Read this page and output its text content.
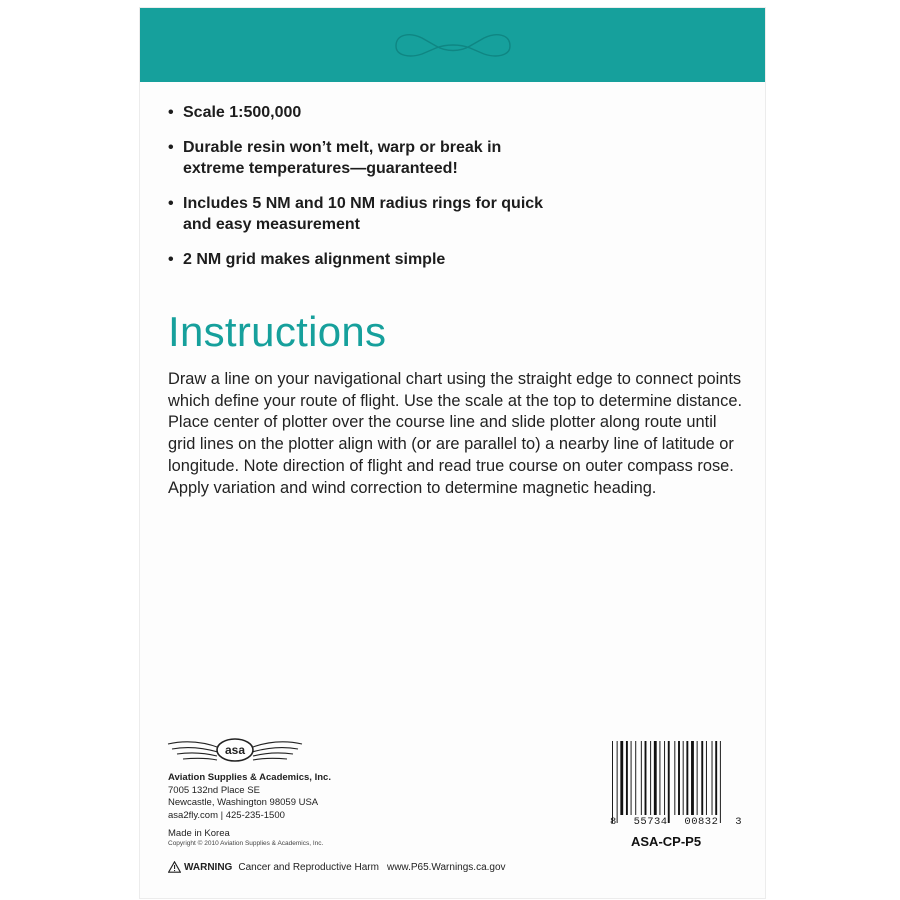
• Scale 1:500,000
• Durable resin won’t melt, warp or break in extreme temperatures—guaranteed!
• Includes 5 NM and 10 NM radius rings for quick and easy measurement
• 2 NM grid makes alignment simple
Instructions

Draw a line on your navigational chart using the straight edge to connect points which define your route of flight. Use the scale at the top to determine distance. Place center of plotter over the course line and slide plotter along route until grid lines on the plotter align with (or are parallel to) a nearby line of latitude or longitude. Note direction of flight and read true course on outer compass rose. Apply variation and wind correction to determine magnetic heading.

asa
Aviation Supplies & Academics, Inc.
7005 132nd Place SE
Newcastle, Washington 98059 USA
asa2fly.com | 425-235-1500
Made in Korea
Copyright © 2010 Aviation Supplies & Academics, Inc.
WARNING Cancer and Reproductive Harm www.P65.Warnings.ca.gov
8 55734 00832 3
ASA-CP-P5
